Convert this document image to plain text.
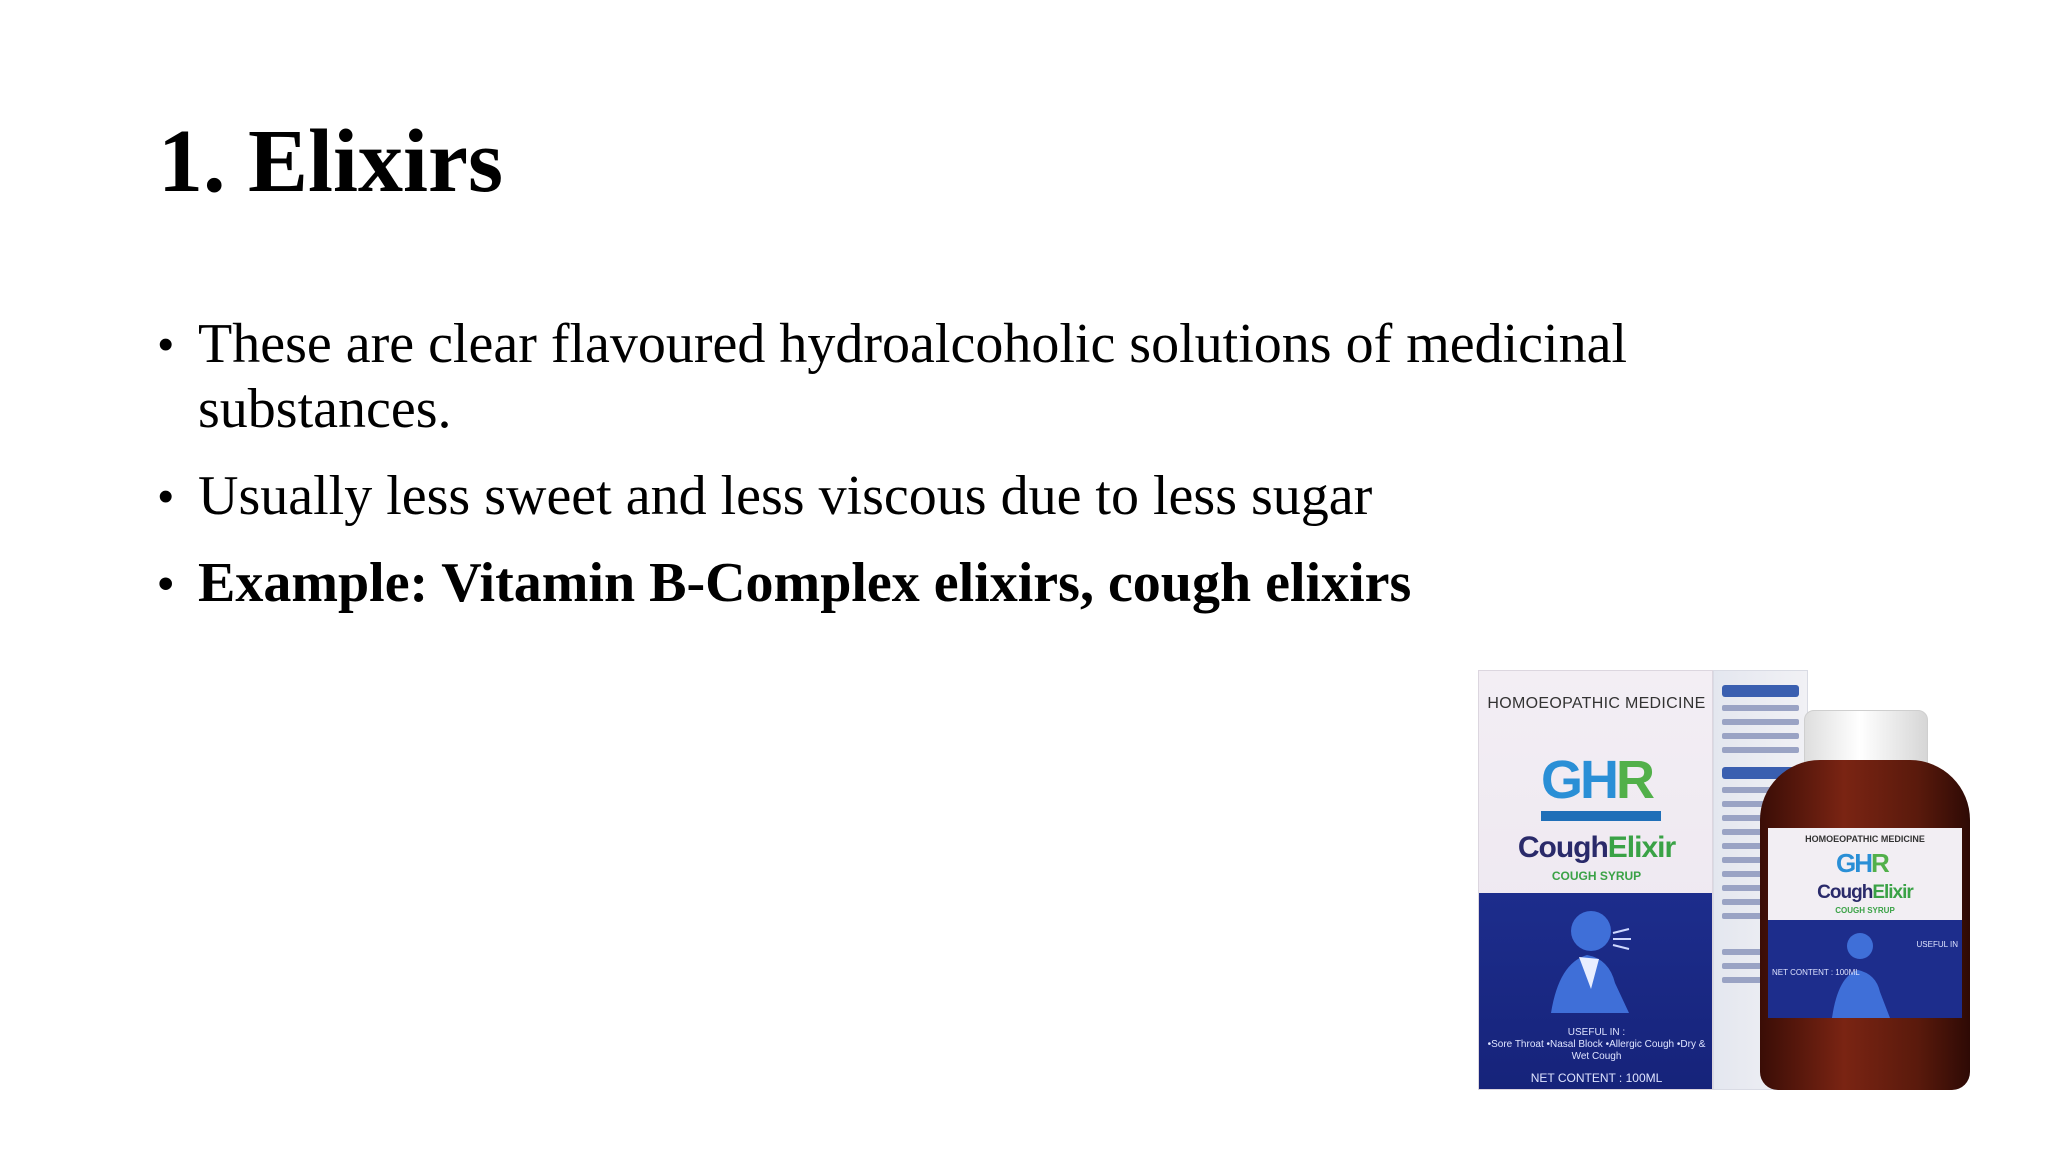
1. Elixirs
• These are clear flavoured hydroalcoholic solutions of medicinal substances.
• Usually less sweet and less viscous due to less sugar
• Example: Vitamin B-Complex elixirs, cough elixirs
HOMOEOPATHIC MEDICINE
GHR
CoughElixir
COUGH SYRUP
USEFUL IN :
•Sore Throat •Nasal Block •Allergic Cough •Dry & Wet Cough
NET CONTENT : 100ML
HOMOEOPATHIC MEDICINE
GHR
CoughElixir
COUGH SYRUP
NET CONTENT : 100ML
USEFUL IN
